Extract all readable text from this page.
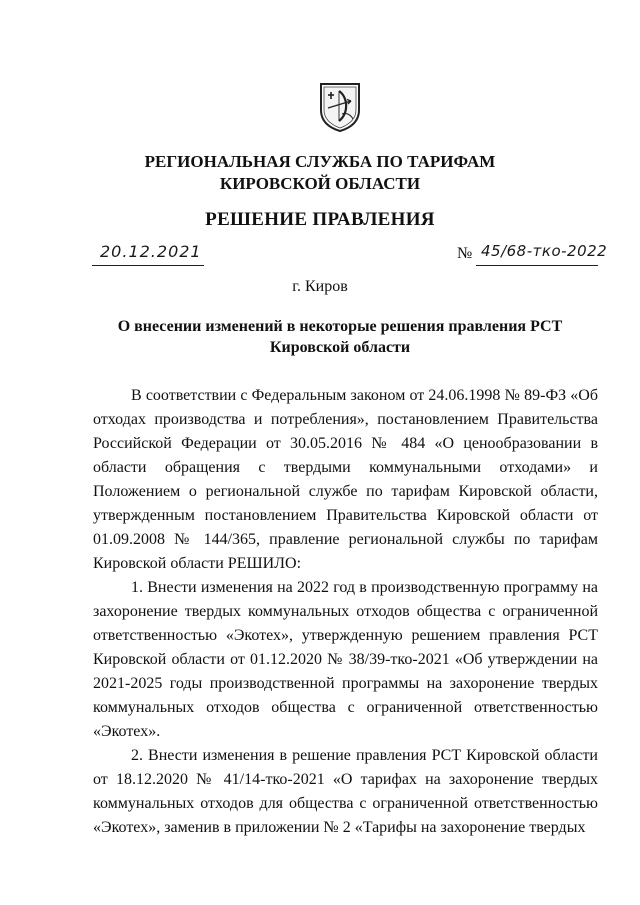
РЕГИОНАЛЬНАЯ СЛУЖБА ПО ТАРИФАМ
КИРОВСКОЙ ОБЛАСТИ
РЕШЕНИЕ ПРАВЛЕНИЯ
20.12.2021	№ 45/68-тко-2022
г. Киров
О внесении изменений в некоторые решения правления РСТ Кировской области

В соответствии с Федеральным законом от 24.06.1998 № 89-ФЗ «Об отходах производства и потребления», постановлением Правительства Российской Федерации от 30.05.2016 № 484 «О ценообразовании в области обращения с твердыми коммунальными отходами» и Положением о региональной службе по тарифам Кировской области, утвержденным постановлением Правительства Кировской области от 01.09.2008 № 144/365, правление региональной службы по тарифам Кировской области РЕШИЛО:

1. Внести изменения на 2022 год в производственную программу на захоронение твердых коммунальных отходов общества с ограниченной ответственностью «Экотех», утвержденную решением правления РСТ Кировской области от 01.12.2020 № 38/39-тко-2021 «Об утверждении на 2021-2025 годы производственной программы на захоронение твердых коммунальных отходов общества с ограниченной ответственностью «Экотех».

2. Внести изменения в решение правления РСТ Кировской области от 18.12.2020 № 41/14-тко-2021 «О тарифах на захоронение твердых коммунальных отходов для общества с ограниченной ответственностью «Экотех», заменив в приложении № 2 «Тарифы на захоронение твердых
